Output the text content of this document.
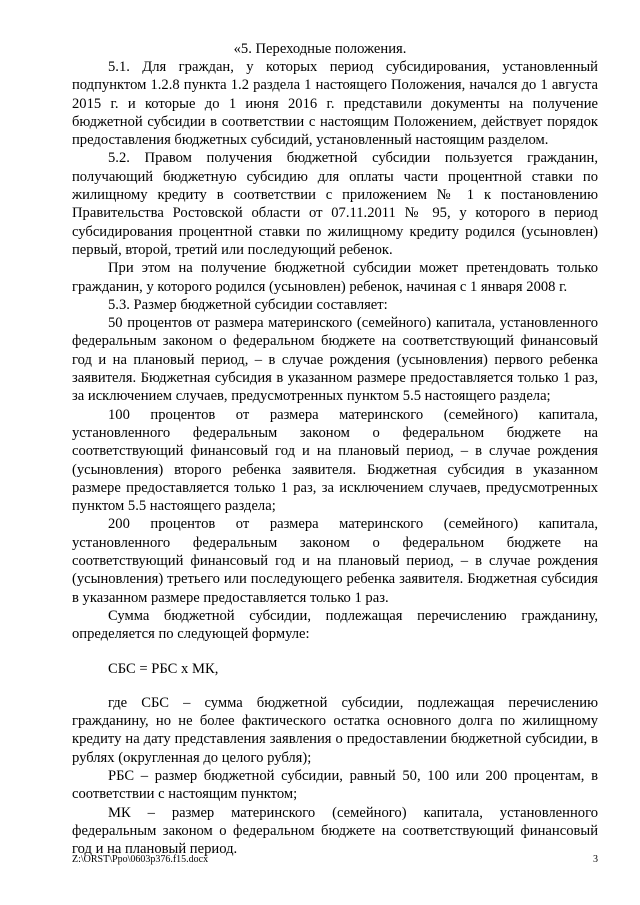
«5. Переходные положения.

5.1. Для граждан, у которых период субсидирования, установленный подпунктом 1.2.8 пункта 1.2 раздела 1 настоящего Положения, начался до 1 августа 2015 г. и которые до 1 июня 2016 г. представили документы на получение бюджетной субсидии в соответствии с настоящим Положением, действует порядок предоставления бюджетных субсидий, установленный настоящим разделом.

5.2. Правом получения бюджетной субсидии пользуется гражданин, получающий бюджетную субсидию для оплаты части процентной ставки по жилищному кредиту в соответствии с приложением № 1 к постановлению Правительства Ростовской области от 07.11.2011 № 95, у которого в период субсидирования процентной ставки по жилищному кредиту родился (усыновлен) первый, второй, третий или последующий ребенок.

При этом на получение бюджетной субсидии может претендовать только гражданин, у которого родился (усыновлен) ребенок, начиная с 1 января 2008 г.

5.3. Размер бюджетной субсидии составляет:

50 процентов от размера материнского (семейного) капитала, установленного федеральным законом о федеральном бюджете на соответствующий финансовый год и на плановый период, – в случае рождения (усыновления) первого ребенка заявителя. Бюджетная субсидия в указанном размере предоставляется только 1 раз, за исключением случаев, предусмотренных пунктом 5.5 настоящего раздела;

100 процентов от размера материнского (семейного) капитала, установленного федеральным законом о федеральном бюджете на соответствующий финансовый год и на плановый период, – в случае рождения (усыновления) второго ребенка заявителя. Бюджетная субсидия в указанном размере предоставляется только 1 раз, за исключением случаев, предусмотренных пунктом 5.5 настоящего раздела;

200 процентов от размера материнского (семейного) капитала, установленного федеральным законом о федеральном бюджете на соответствующий финансовый год и на плановый период, – в случае рождения (усыновления) третьего или последующего ребенка заявителя. Бюджетная субсидия в указанном размере предоставляется только 1 раз.

Сумма бюджетной субсидии, подлежащая перечислению гражданину, определяется по следующей формуле:

СБС = РБС х МК,

где СБС – сумма бюджетной субсидии, подлежащая перечислению гражданину, но не более фактического остатка основного долга по жилищному кредиту на дату представления заявления о предоставлении бюджетной субсидии, в рублях (округленная до целого рубля);

РБС – размер бюджетной субсидии, равный 50, 100 или 200 процентам, в соответствии с настоящим пунктом;

МК – размер материнского (семейного) капитала, установленного федеральным законом о федеральном бюджете на соответствующий финансовый год и на плановый период.

Z:\ORST\Ppo\0603p376.f15.docx	3
